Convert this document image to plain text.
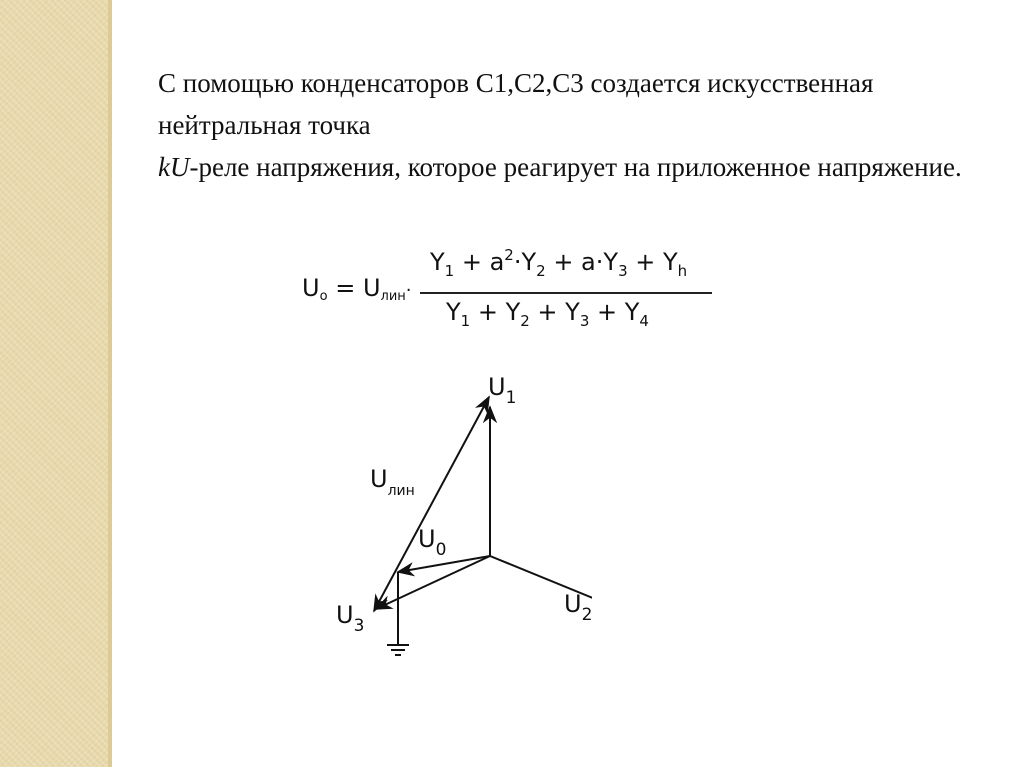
С помощью конденсаторов С1,С2,С3 создается искусственная нейтральная точка

kU-реле напряжения, которое реагирует на приложенное напряжение.

$U_o = U_{лин}\cdot$
$Y_1 + a^2\cdot Y_2 + a\cdot Y_3 + Y_h$
$Y_1 + Y_2 + Y_3 + Y_4$
$U_1$
$U_2$
$U_3$
$U_0$
$U_{лин}$
